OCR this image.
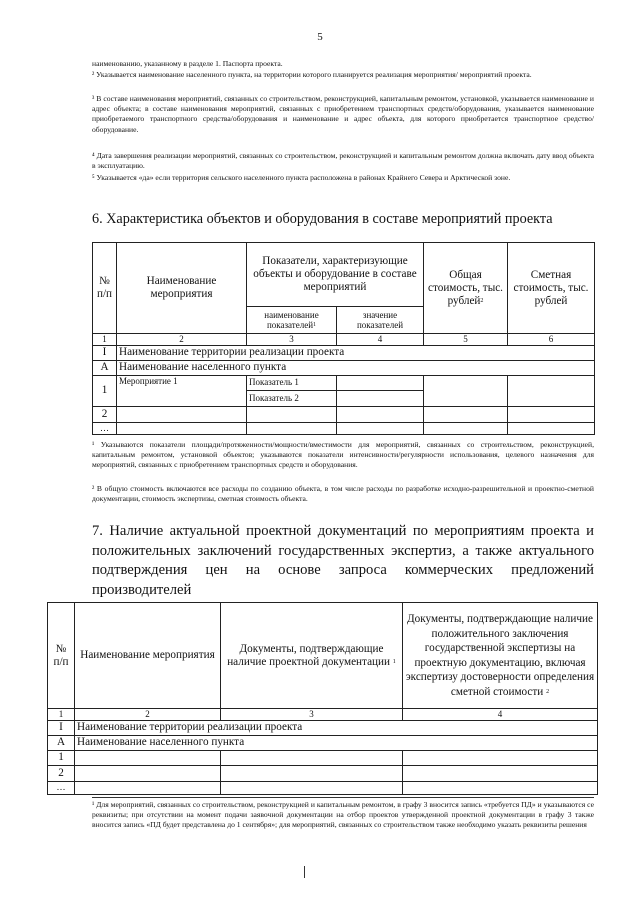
5
наименованию, указанному в разделе 1. Паспорта проекта.
² Указывается наименование населенного пункта, на территории которого планируется реализация мероприятия/ мероприятий проекта.
³ В составе наименования мероприятий, связанных со строительством, реконструкцией, капитальным ремонтом, установкой, указывается наименование и адрес объекта; в составе наименования мероприятий, связанных с приобретением транспортных средств/оборудования, указывается наименование приобретаемого транспортного средства/оборудования и наименование и адрес объекта, для которого приобретается транспортное средство/оборудование.
⁴ Дата завершения реализации мероприятий, связанных со строительством, реконструкцией и капитальным ремонтом должна включать дату ввод объекта в эксплуатацию.
⁵ Указывается «да» если территория сельского населенного пункта расположена в районах Крайнего Севера и Арктической зоне.
6. Характеристика объектов и оборудования в составе мероприятий проекта
№ п/п	Наименование мероприятия	Показатели, характеризующие объекты и оборудование в составе мероприятий		Общая стоимость, тыс. рублей$^2$	Сметная стоимость, тыс. рублей
		наименование показателей$^1$	значение показателей		
1	2	3	4	5	6
I	Наименование территории реализации проекта				
А	Наименование населенного пункта				
1	Мероприятие 1	Показатель 1			
		Показатель 2			
2					
…					
¹ Указываются показатели площади/протяженности/мощности/вместимости для мероприятий, связанных со строительством, реконструкцией, капитальным ремонтом, установкой объектов; указываются показатели интенсивности/регулярности использования, целевого назначения для мероприятий, связанных с приобретением транспортных средств и оборудования.
² В общую стоимость включаются все расходы по созданию объекта, в том числе расходы по разработке исходно-разрешительной и проектно-сметной документации, стоимость экспертизы, сметная стоимость объекта.
7. Наличие актуальной проектной документаций по мероприятиям проекта и положительных заключений государственных экспертиз, а также актуального подтверждения цен на основе запроса коммерческих предложений производителей
№ п/п	Наименование мероприятия	Документы, подтверждающие наличие проектной документации $^1$	Документы, подтверждающие наличие положительного заключения государственной экспертизы на проектную документацию, включая экспертизу достоверности определения сметной стоимости $^2$
1	2	3	4
I	Наименование территории реализации проекта		
А	Наименование населенного пункта		
1			
2			
…			
¹ Для мероприятий, связанных со строительством, реконструкцией и капитальным ремонтом, в графу 3 вносится запись «требуется ПД» и указываются се реквизиты; при отсутствии на момент подачи заявочной документации на отбор проектов утвержденной проектной документации в графу 3 также вносится запись «ПД будет представлена до 1 сентября»; для мероприятий, связанных со строительством также необходимо указать реквизиты решения
